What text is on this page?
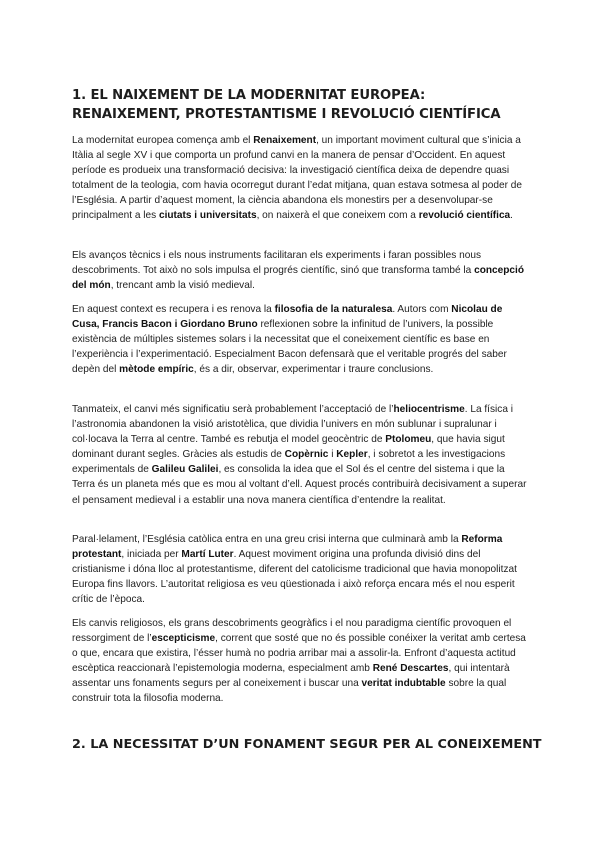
1. EL NAIXEMENT DE LA MODERNITAT EUROPEA: RENAIXEMENT, PROTESTANTISME I REVOLUCIÓ CIENTÍFICA

La modernitat europea comença amb el Renaixement, un important moviment cultural que s’inicia a Itàlia al segle XV i que comporta un profund canvi en la manera de pensar d’Occident. En aquest període es produeix una transformació decisiva: la investigació científica deixa de dependre quasi totalment de la teologia, com havia ocorregut durant l’edat mitjana, quan estava sotmesa al poder de l’Església. A partir d’aquest moment, la ciència abandona els monestirs per a desenvolupar-se principalment a les ciutats i universitats, on naixerà el que coneixem com a revolució científica.

Els avanços tècnics i els nous instruments facilitaran els experiments i faran possibles nous descobriments. Tot això no sols impulsa el progrés científic, sinó que transforma també la concepció del món, trencant amb la visió medieval.

En aquest context es recupera i es renova la filosofia de la naturalesa. Autors com Nicolau de Cusa, Francis Bacon i Giordano Bruno reflexionen sobre la infinitud de l’univers, la possible existència de múltiples sistemes solars i la necessitat que el coneixement científic es base en l’experiència i l’experimentació. Especialment Bacon defensarà que el veritable progrés del saber depèn del mètode empíric, és a dir, observar, experimentar i traure conclusions.

Tanmateix, el canvi més significatiu serà probablement l’acceptació de l’heliocentrisme. La física i l’astronomia abandonen la visió aristotèlica, que dividia l’univers en món sublunar i supralunar i col·locava la Terra al centre. També es rebutja el model geocèntric de Ptolomeu, que havia sigut dominant durant segles. Gràcies als estudis de Copèrnic i Kepler, i sobretot a les investigacions experimentals de Galileu Galilei, es consolida la idea que el Sol és el centre del sistema i que la Terra és un planeta més que es mou al voltant d’ell. Aquest procés contribuirà decisivament a superar el pensament medieval i a establir una nova manera científica d’entendre la realitat.

Paral·lelament, l’Església catòlica entra en una greu crisi interna que culminarà amb la Reforma protestant, iniciada per Martí Luter. Aquest moviment origina una profunda divisió dins del cristianisme i dóna lloc al protestantisme, diferent del catolicisme tradicional que havia monopolitzat Europa fins llavors. L’autoritat religiosa es veu qüestionada i això reforça encara més el nou esperit crític de l’època.

Els canvis religiosos, els grans descobriments geogràfics i el nou paradigma científic provoquen el ressorgiment de l’escepticisme, corrent que sosté que no és possible conéixer la veritat amb certesa o que, encara que existira, l’ésser humà no podria arribar mai a assolir-la. Enfront d’aquesta actitud escèptica reaccionarà l’epistemologia moderna, especialment amb René Descartes, qui intentarà assentar uns fonaments segurs per al coneixement i buscar una veritat indubtable sobre la qual construir tota la filosofia moderna.

2. LA NECESSITAT D’UN FONAMENT SEGUR PER AL CONEIXEMENT
